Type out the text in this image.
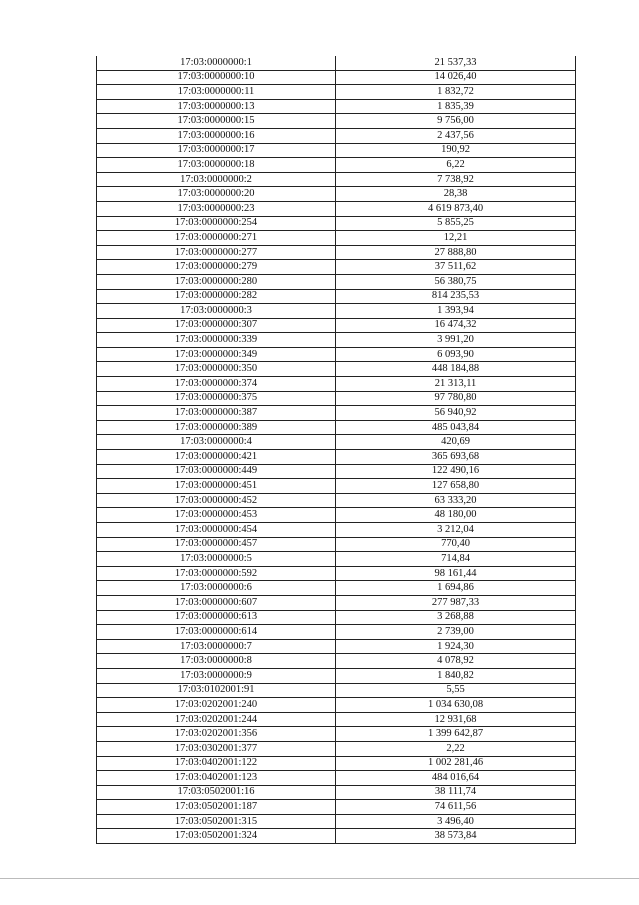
17:03:0000000:1	21 537,33
17:03:0000000:10	14 026,40
17:03:0000000:11	1 832,72
17:03:0000000:13	1 835,39
17:03:0000000:15	9 756,00
17:03:0000000:16	2 437,56
17:03:0000000:17	190,92
17:03:0000000:18	6,22
17:03:0000000:2	7 738,92
17:03:0000000:20	28,38
17:03:0000000:23	4 619 873,40
17:03:0000000:254	5 855,25
17:03:0000000:271	12,21
17:03:0000000:277	27 888,80
17:03:0000000:279	37 511,62
17:03:0000000:280	56 380,75
17:03:0000000:282	814 235,53
17:03:0000000:3	1 393,94
17:03:0000000:307	16 474,32
17:03:0000000:339	3 991,20
17:03:0000000:349	6 093,90
17:03:0000000:350	448 184,88
17:03:0000000:374	21 313,11
17:03:0000000:375	97 780,80
17:03:0000000:387	56 940,92
17:03:0000000:389	485 043,84
17:03:0000000:4	420,69
17:03:0000000:421	365 693,68
17:03:0000000:449	122 490,16
17:03:0000000:451	127 658,80
17:03:0000000:452	63 333,20
17:03:0000000:453	48 180,00
17:03:0000000:454	3 212,04
17:03:0000000:457	770,40
17:03:0000000:5	714,84
17:03:0000000:592	98 161,44
17:03:0000000:6	1 694,86
17:03:0000000:607	277 987,33
17:03:0000000:613	3 268,88
17:03:0000000:614	2 739,00
17:03:0000000:7	1 924,30
17:03:0000000:8	4 078,92
17:03:0000000:9	1 840,82
17:03:0102001:91	5,55
17:03:0202001:240	1 034 630,08
17:03:0202001:244	12 931,68
17:03:0202001:356	1 399 642,87
17:03:0302001:377	2,22
17:03:0402001:122	1 002 281,46
17:03:0402001:123	484 016,64
17:03:0502001:16	38 111,74
17:03:0502001:187	74 611,56
17:03:0502001:315	3 496,40
17:03:0502001:324	38 573,84
